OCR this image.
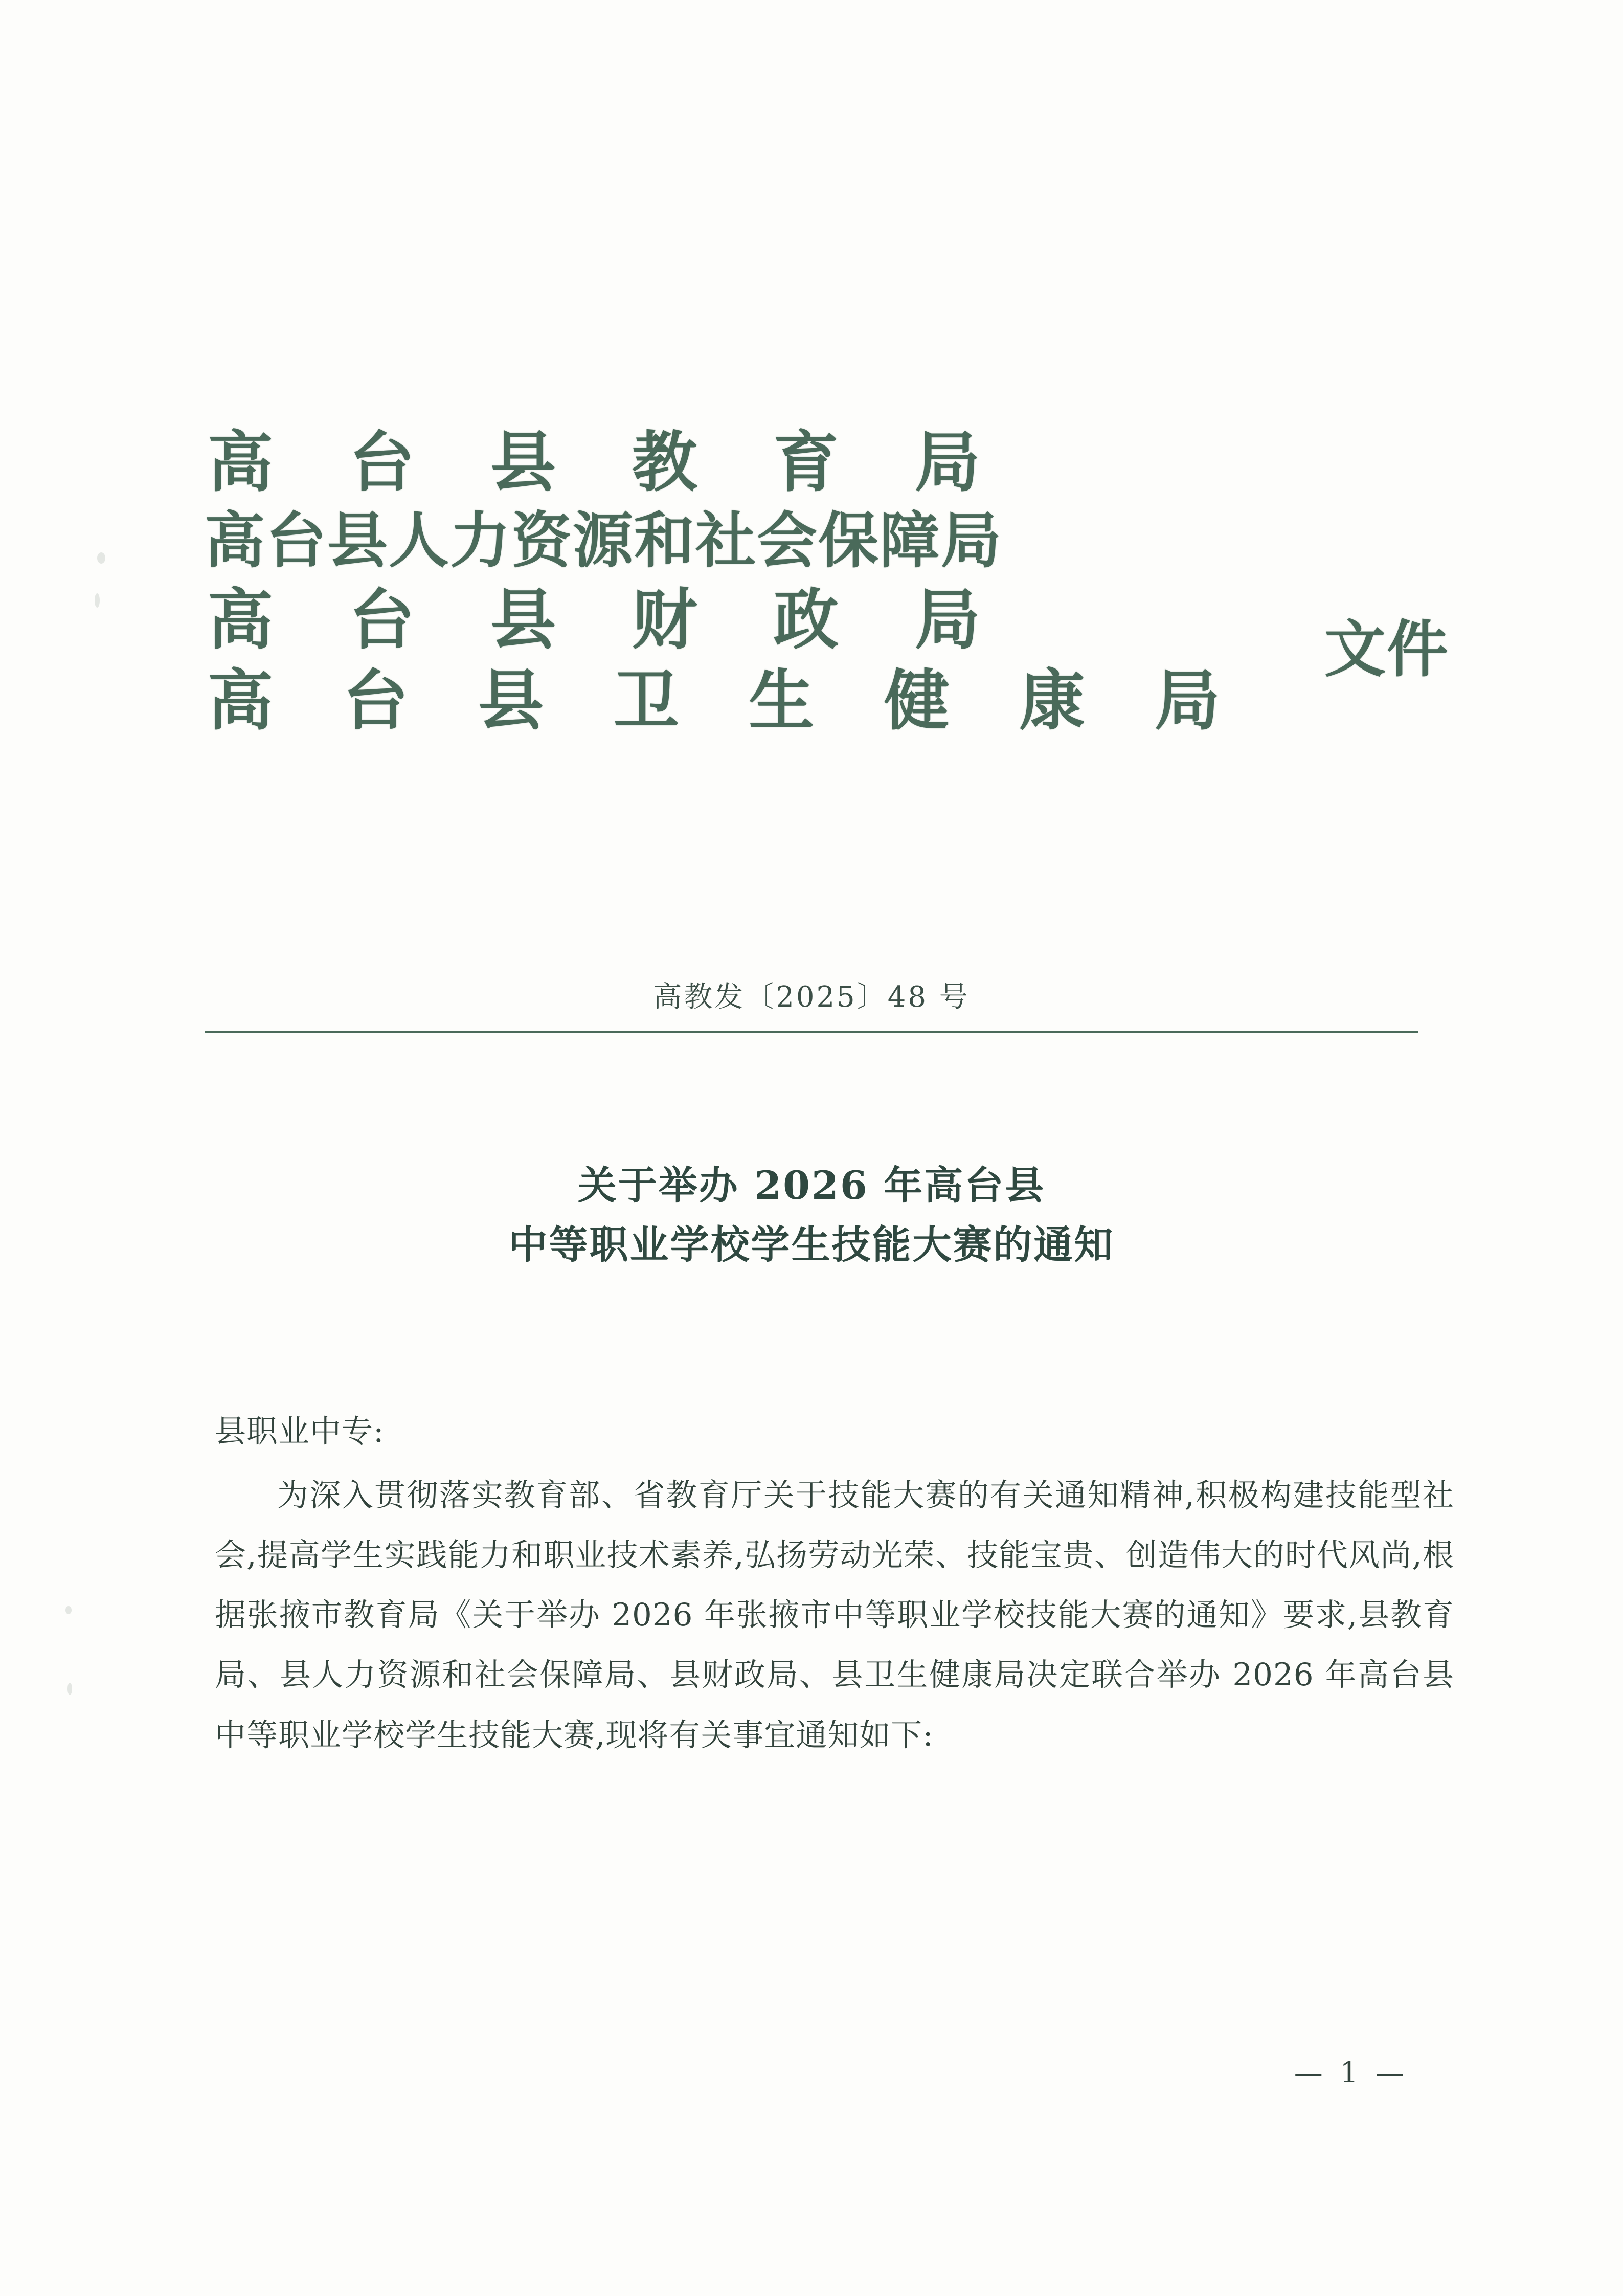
高 台 县 教 育 局
高台县人力资源和社会保障局
高 台 县 财 政 局
高 台 县 卫 生 健 康 局
文件
高教发〔2025〕48 号
关于举办 2026 年高台县
中等职业学校学生技能大赛的通知
县职业中专:
为深入贯彻落实教育部、省教育厅关于技能大赛的有关通知精神,积极构建技能型社会,提高学生实践能力和职业技术素养,弘扬劳动光荣、技能宝贵、创造伟大的时代风尚,根据张掖市教育局《关于举办 2026 年张掖市中等职业学校技能大赛的通知》要求,县教育局、县人力资源和社会保障局、县财政局、县卫生健康局决定联合举办 2026 年高台县中等职业学校学生技能大赛,现将有关事宜通知如下:
— 1 —
